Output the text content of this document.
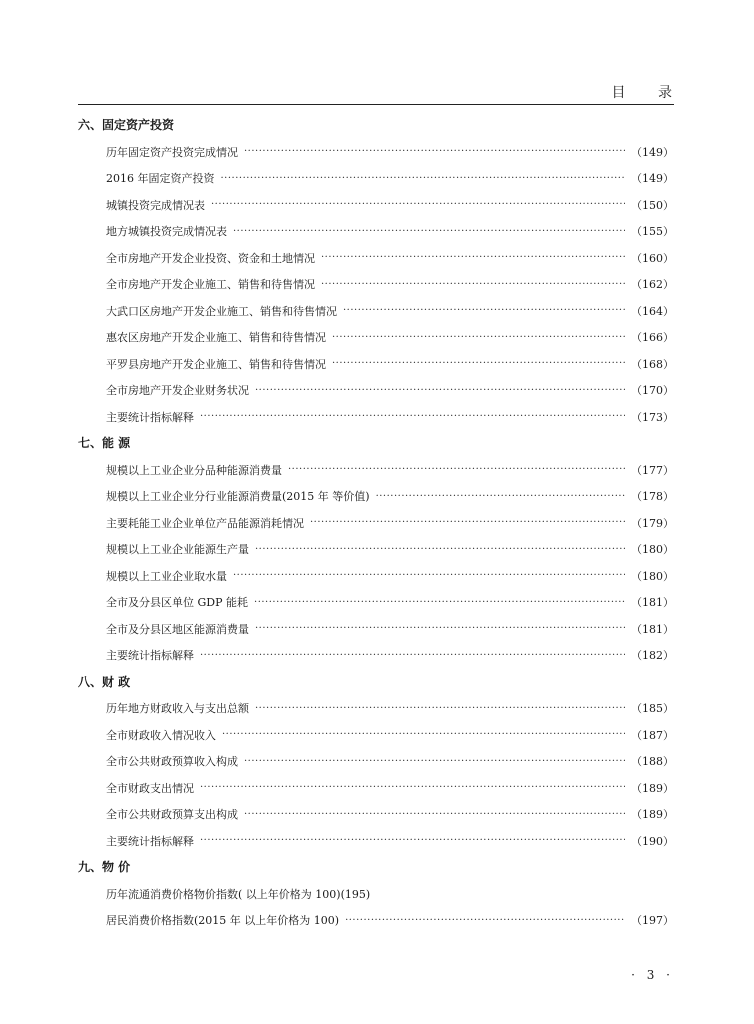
目 录
六、固定资产投资
历年固定资产投资完成情况 ·····	（149）
2016 年固定资产投资 ·····	（149）
城镇投资完成情况表 ·····	（150）
地方城镇投资完成情况表 ·····	（155）
全市房地产开发企业投资、资金和土地情况 ·····	（160）
全市房地产开发企业施工、销售和待售情况 ·····	（162）
大武口区房地产开发企业施工、销售和待售情况 ·····	（164）
惠农区房地产开发企业施工、销售和待售情况 ·····	（166）
平罗县房地产开发企业施工、销售和待售情况 ·····	（168）
全市房地产开发企业财务状况 ·····	（170）
主要统计指标解释 ·····	（173）
七、能 源
规模以上工业企业分品种能源消费量 ·····	（177）
规模以上工业企业分行业能源消费量(2015 年 等价值) ·····	（178）
主要耗能工业企业单位产品能源消耗情况 ·····	（179）
规模以上工业企业能源生产量 ·····	（180）
规模以上工业企业取水量 ·····	（180）
全市及分县区单位 GDP 能耗 ·····	（181）
全市及分县区地区能源消费量 ·····	（181）
主要统计指标解释 ·····	（182）
八、财 政
历年地方财政收入与支出总额 ·····	（185）
全市财政收入情况收入 ·····	（187）
全市公共财政预算收入构成 ·····	（188）
全市财政支出情况 ·····	（189）
全市公共财政预算支出构成 ·····	（189）
主要统计指标解释 ·····	（190）
九、物 价
历年流通消费价格物价指数( 以上年价格为 100)(195)
居民消费价格指数(2015 年 以上年价格为 100) ·····	（197）
· 3 ·
